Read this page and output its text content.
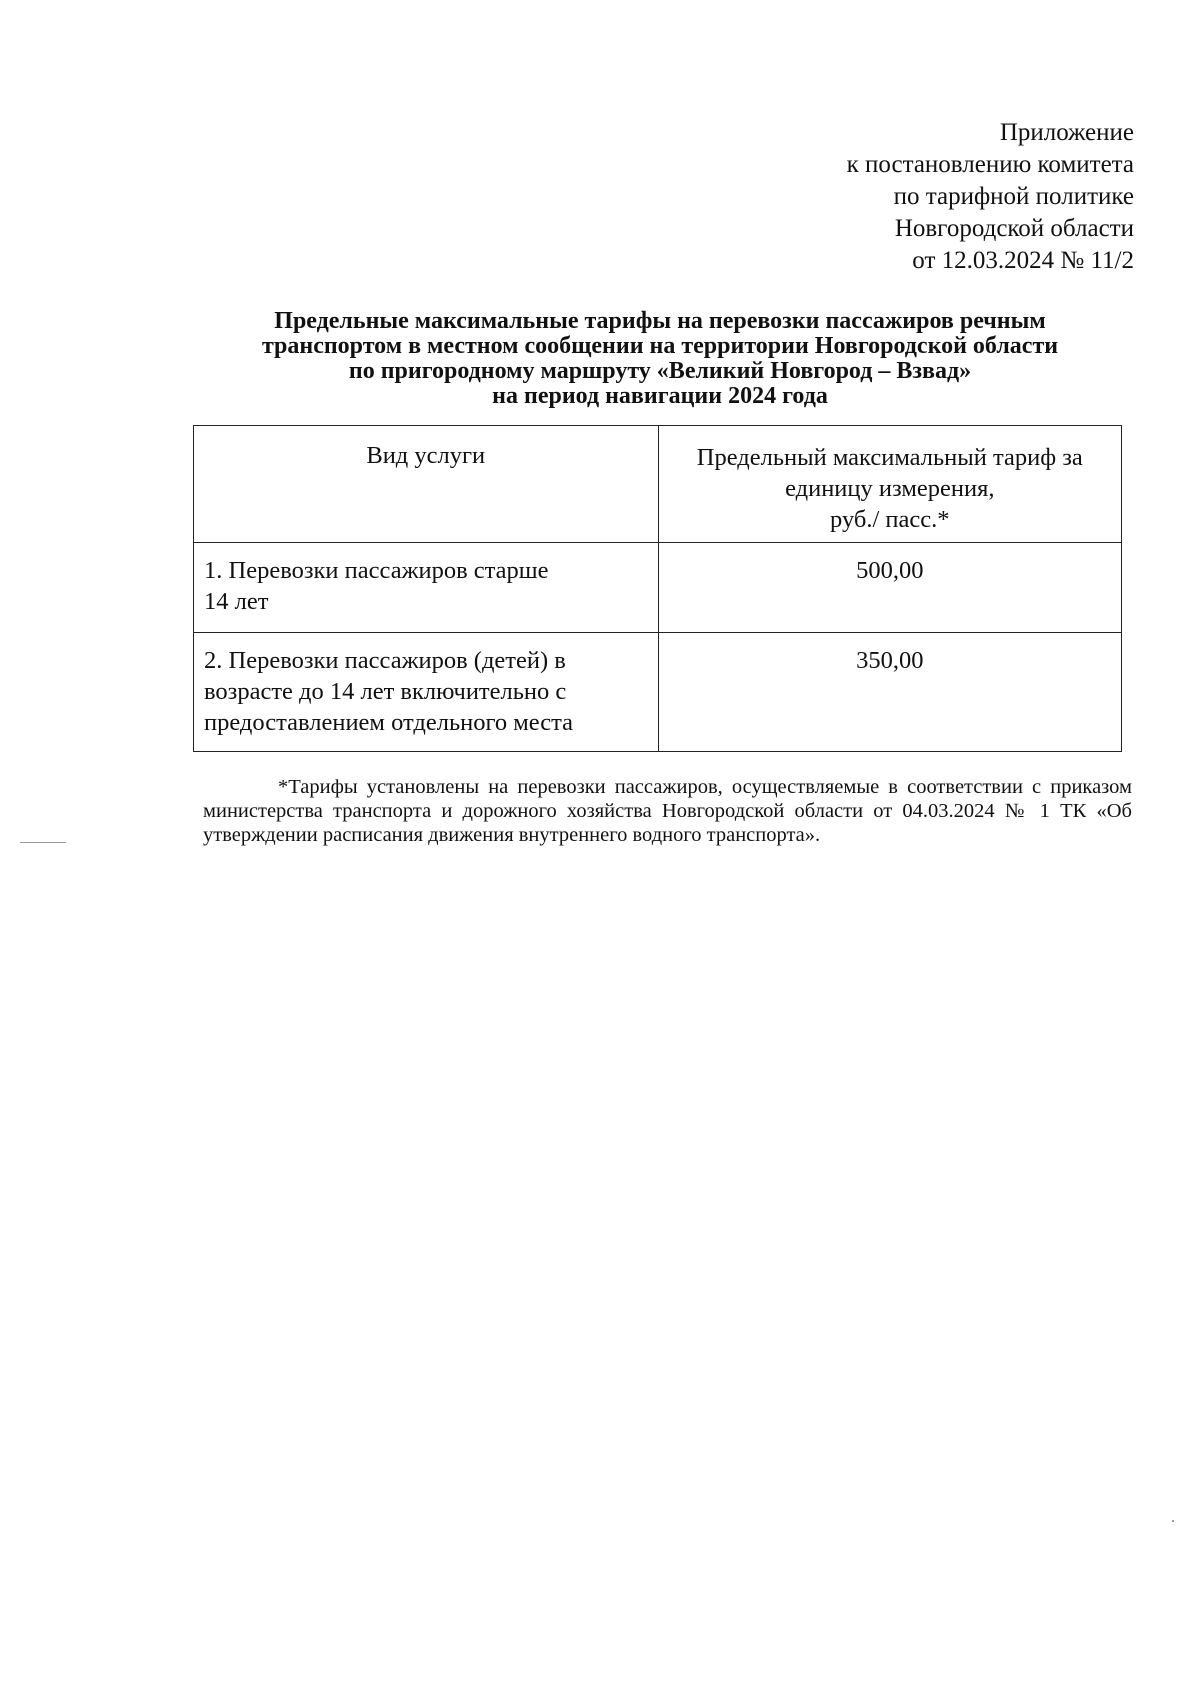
Приложение
к постановлению комитета
по тарифной политике
Новгородской области
от 12.03.2024 № 11/2
Предельные максимальные тарифы на перевозки пассажиров речным
транспортом в местном сообщении на территории Новгородской области
по пригородному маршруту «Великий Новгород – Взвад»
на период навигации 2024 года
Вид услуги	Предельный максимальный тариф за
единицу измерения,
руб./ пасс.*

1. Перевозки пассажиров старше
14 лет	500,00

2. Перевозки пассажиров (детей) в
возрасте до 14 лет включительно с
предоставлением отдельного места	350,00

*Тарифы установлены на перевозки пассажиров, осуществляемые в соответствии с приказом министерства транспорта и дорожного хозяйства Новгородской области от 04.03.2024 № 1 ТК «Об утверждении расписания движения внутреннего водного транспорта».
